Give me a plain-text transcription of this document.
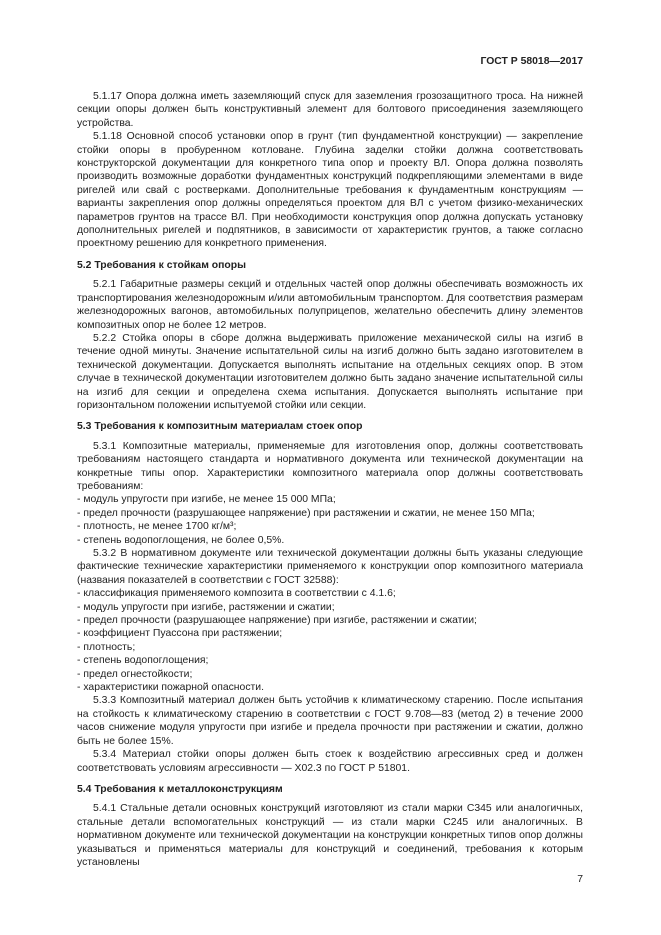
ГОСТ Р 58018—2017

5.1.17 Опора должна иметь заземляющий спуск для заземления грозозащитного троса. На нижней секции опоры должен быть конструктивный элемент для болтового присоединения заземляющего устройства.

5.1.18 Основной способ установки опор в грунт (тип фундаментной конструкции) — закрепление стойки опоры в пробуренном котловане. Глубина заделки стойки должна соответствовать конструкторской документации для конкретного типа опор и проекту ВЛ. Опора должна позволять производить возможные доработки фундаментных конструкций подкрепляющими элементами в виде ригелей или свай с ростверками. Дополнительные требования к фундаментным конструкциям — варианты закрепления опор должны определяться проектом для ВЛ с учетом физико-механических параметров грунтов на трассе ВЛ. При необходимости конструкция опор должна допускать установку дополнительных ригелей и подпятников, в зависимости от характеристик грунтов, а также согласно проектному решению для конкретного применения.

5.2 Требования к стойкам опоры

5.2.1 Габаритные размеры секций и отдельных частей опор должны обеспечивать возможность их транспортирования железнодорожным и/или автомобильным транспортом. Для соответствия размерам железнодорожных вагонов, автомобильных полуприцепов, желательно обеспечить длину элементов композитных опор не более 12 метров.

5.2.2 Стойка опоры в сборе должна выдерживать приложение механической силы на изгиб в течение одной минуты. Значение испытательной силы на изгиб должно быть задано изготовителем в технической документации. Допускается выполнять испытание на отдельных секциях опор. В этом случае в технической документации изготовителем должно быть задано значение испытательной силы на изгиб для секции и определена схема испытания. Допускается выполнять испытание при горизонтальном положении испытуемой стойки или секции.

5.3 Требования к композитным материалам стоек опор

5.3.1 Композитные материалы, применяемые для изготовления опор, должны соответствовать требованиям настоящего стандарта и нормативного документа или технической документации на конкретные типы опор. Характеристики композитного материала опор должны соответствовать требованиям:

- модуль упругости при изгибе, не менее 15 000 МПа;

- предел прочности (разрушающее напряжение) при растяжении и сжатии, не менее 150 МПа;

- плотность, не менее 1700 кг/м³;

- степень водопоглощения, не более 0,5%.

5.3.2 В нормативном документе или технической документации должны быть указаны следующие фактические технические характеристики применяемого к конструкции опор композитного материала (названия показателей в соответствии с ГОСТ 32588):

- классификация применяемого композита в соответствии с 4.1.6;

- модуль упругости при изгибе, растяжении и сжатии;

- предел прочности (разрушающее напряжение) при изгибе, растяжении и сжатии;

- коэффициент Пуассона при растяжении;

- плотность;

- степень водопоглощения;

- предел огнестойкости;

- характеристики пожарной опасности.

5.3.3 Композитный материал должен быть устойчив к климатическому старению. После испытания на стойкость к климатическому старению в соответствии с ГОСТ 9.708—83 (метод 2) в течение 2000 часов снижение модуля упругости при изгибе и предела прочности при растяжении и сжатии, должно быть не более 15%.

5.3.4 Материал стойки опоры должен быть стоек к воздействию агрессивных сред и должен соответствовать условиям агрессивности — Х02.3 по ГОСТ Р 51801.

5.4 Требования к металлоконструкциям

5.4.1 Стальные детали основных конструкций изготовляют из стали марки С345 или аналогичных, стальные детали вспомогательных конструкций — из стали марки С245 или аналогичных. В нормативном документе или технической документации на конструкции конкретных типов опор должны указываться и применяться материалы для конструкций и соединений, требования к которым установлены

7
